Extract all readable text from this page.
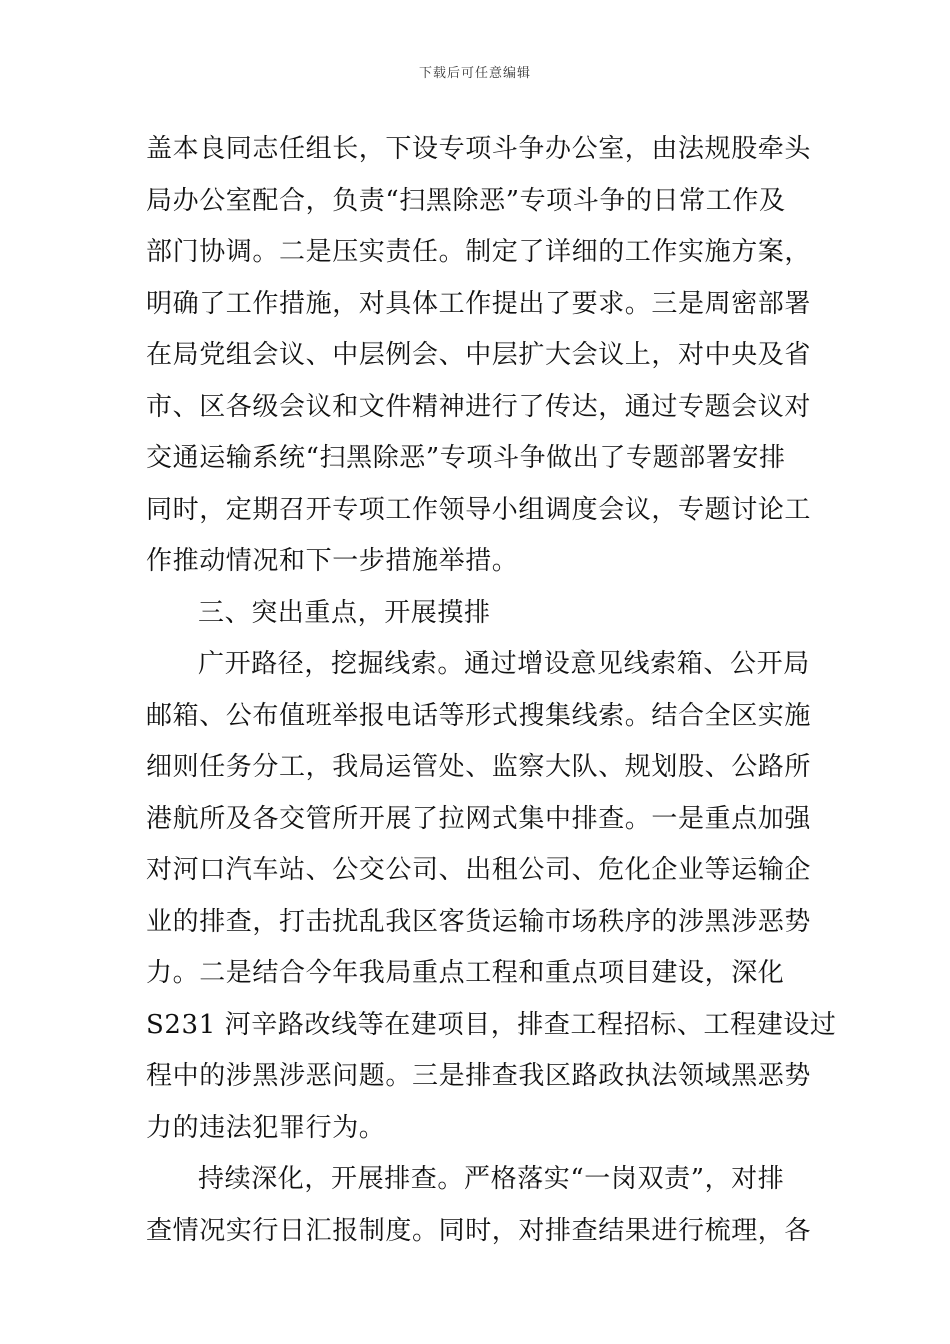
下载后可任意编辑
盖本良同志任组长，下设专项斗争办公室，由法规股牵头
局办公室配合，负责“扫黑除恶”专项斗争的日常工作及
部门协调。二是压实责任。制定了详细的工作实施方案，
明确了工作措施，对具体工作提出了要求。三是周密部署
在局党组会议、中层例会、中层扩大会议上，对中央及省
市、区各级会议和文件精神进行了传达，通过专题会议对
交通运输系统“扫黑除恶”专项斗争做出了专题部署安排
同时，定期召开专项工作领导小组调度会议，专题讨论工
作推动情况和下一步措施举措。
三、突出重点，开展摸排
广开路径，挖掘线索。通过增设意见线索箱、公开局
邮箱、公布值班举报电话等形式搜集线索。结合全区实施
细则任务分工，我局运管处、监察大队、规划股、公路所
港航所及各交管所开展了拉网式集中排查。一是重点加强
对河口汽车站、公交公司、出租公司、危化企业等运输企
业的排查，打击扰乱我区客货运输市场秩序的涉黑涉恶势
力。二是结合今年我局重点工程和重点项目建设，深化
S231 河辛路改线等在建项目，排查工程招标、工程建设过
程中的涉黑涉恶问题。三是排查我区路政执法领域黑恶势
力的违法犯罪行为。
持续深化，开展排查。严格落实“一岗双责”，对排
查情况实行日汇报制度。同时，对排查结果进行梳理，各
